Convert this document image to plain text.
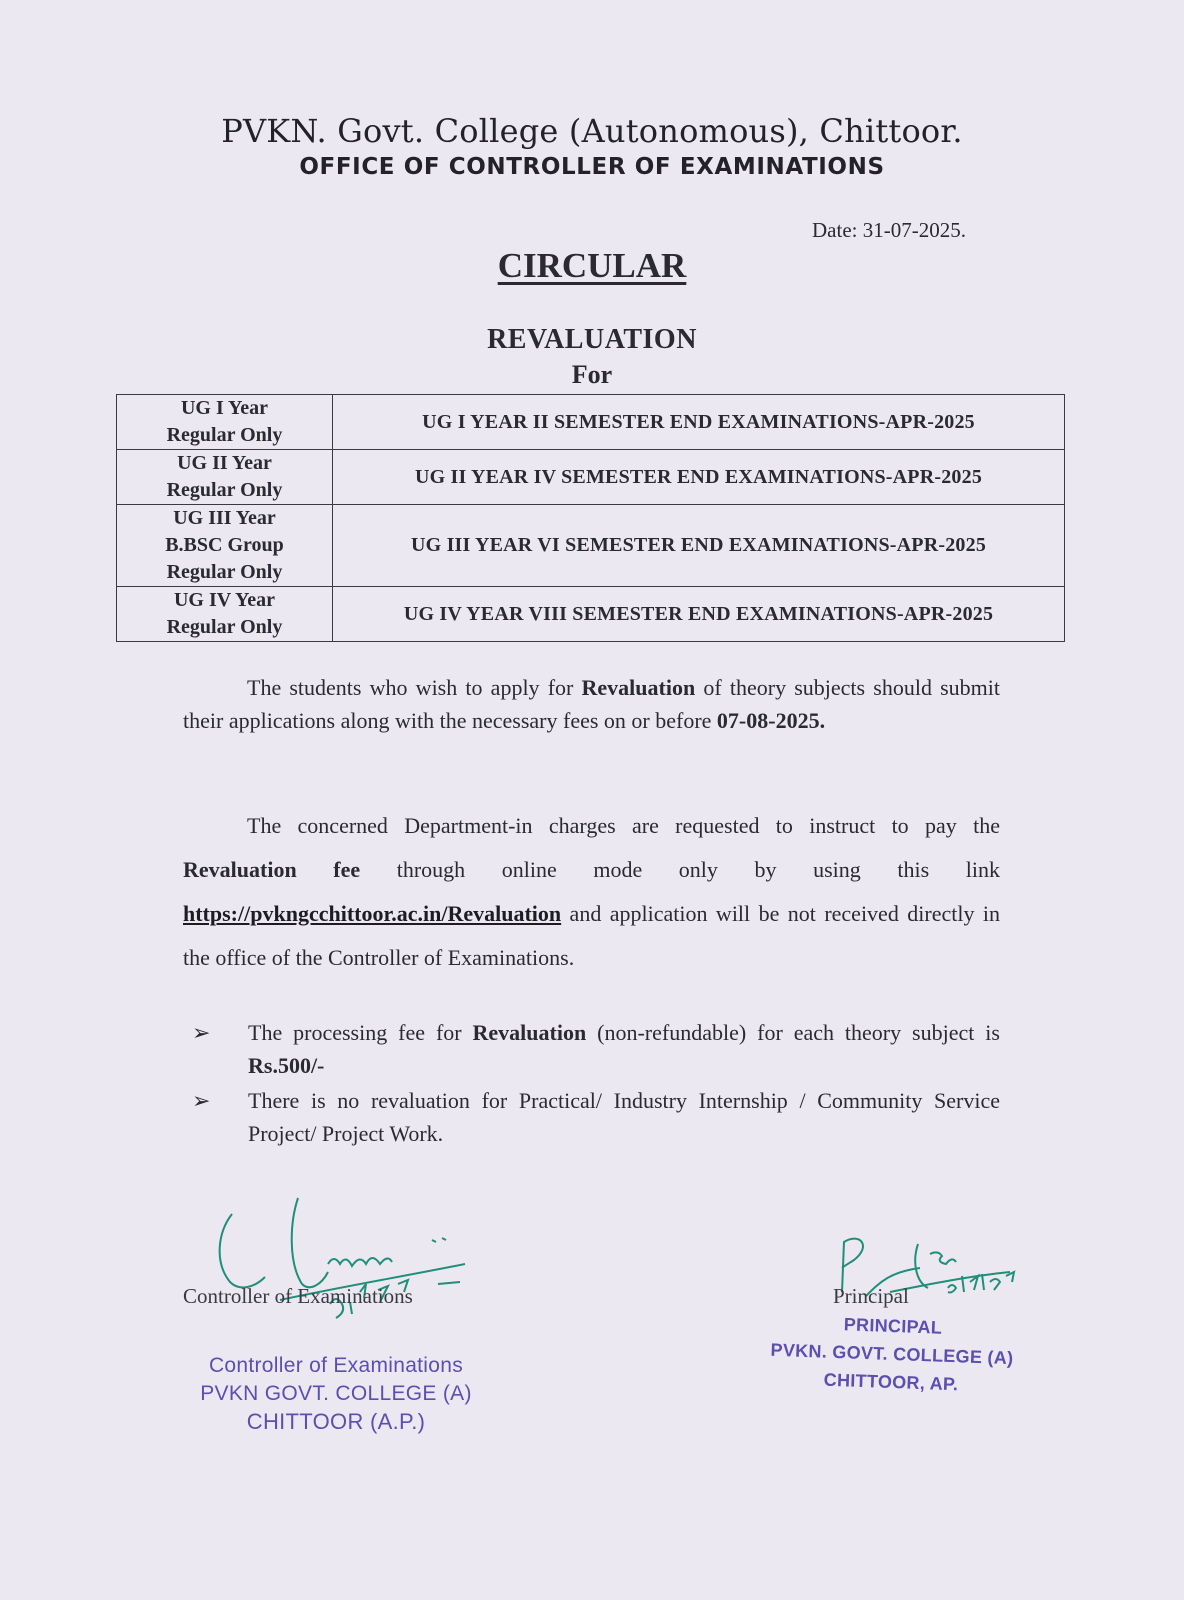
PVKN. Govt. College (Autonomous), Chittoor.
OFFICE OF CONTROLLER OF EXAMINATIONS
Date: 31-07-2025.
CIRCULAR
REVALUATION
For
UG I Year
Regular Only	UG I YEAR II SEMESTER END EXAMINATIONS-APR-2025

UG II Year
Regular Only	UG II YEAR IV SEMESTER END EXAMINATIONS-APR-2025

UG III Year
B.BSC Group
Regular Only	UG III YEAR VI SEMESTER END EXAMINATIONS-APR-2025

UG IV Year
Regular Only	UG IV YEAR VIII SEMESTER END EXAMINATIONS-APR-2025

The students who wish to apply for Revaluation of theory subjects should submit their applications along with the necessary fees on or before 07-08-2025.

The concerned Department-in charges are requested to instruct to pay the Revaluation fee through online mode only by using this link https://pvkngcchittoor.ac.in/Revaluation and application will be not received directly in the office of the Controller of Examinations.

➢ The processing fee for Revaluation (non-refundable) for each theory subject is Rs.500/-
➢ There is no revaluation for Practical/ Industry Internship / Community Service Project/ Project Work.
Controller of Examinations	Principal
Controller of Examinations
PVKN GOVT. COLLEGE (A)
CHITTOOR (A.P.)
PRINCIPAL
PVKN. GOVT. COLLEGE (A)
CHITTOOR, AP.
